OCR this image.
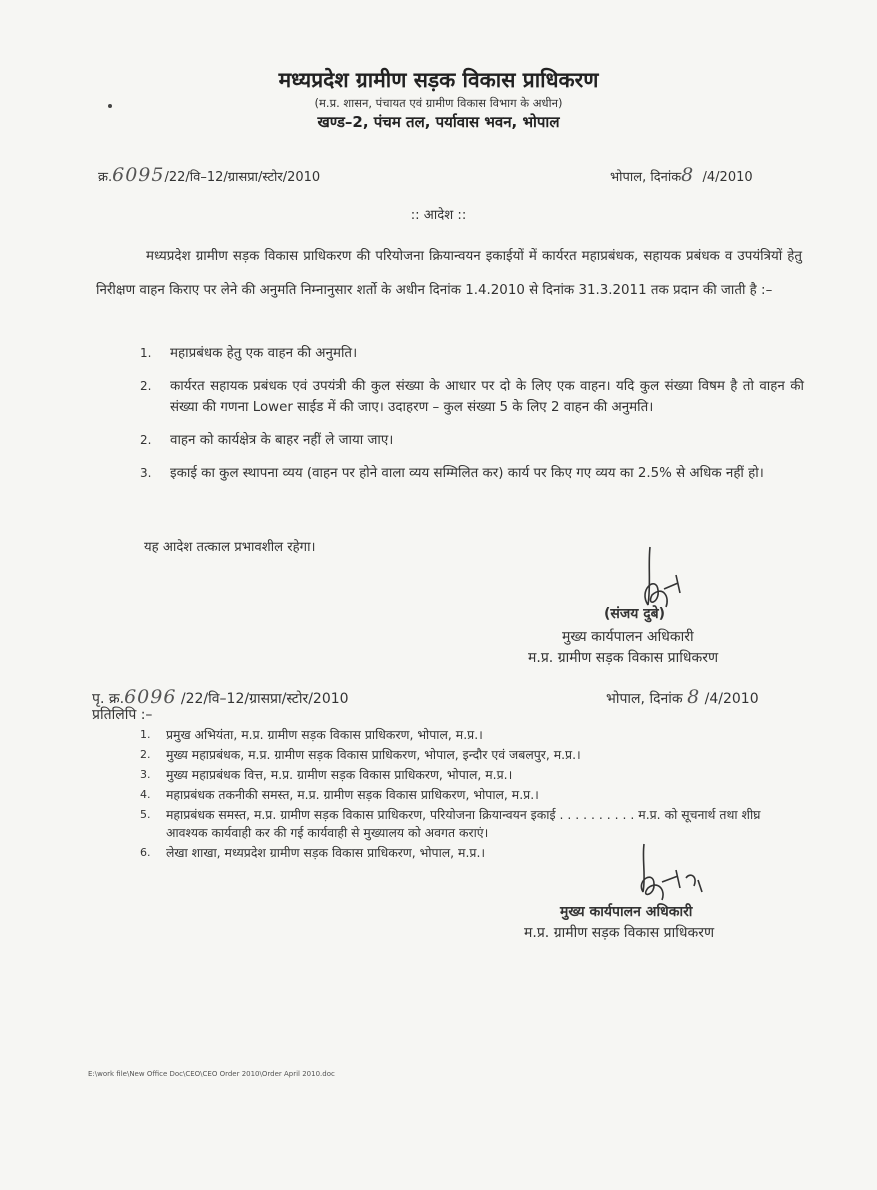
मध्यप्रदेश ग्रामीण सड़क विकास प्राधिकरण
(म.प्र. शासन, पंचायत एवं ग्रामीण विकास विभाग के अधीन)
खण्ड–2, पंचम तल, पर्यावास भवन, भोपाल
क्र.6095/22/वि–12/ग्रासप्रा/स्टोर/2010	भोपाल, दिनांक8 /4/2010
:: आदेश ::
मध्यप्रदेश ग्रामीण सड़क विकास प्राधिकरण की परियोजना क्रियान्वयन इकाईयों में कार्यरत महाप्रबंधक, सहायक प्रबंधक व उपयंत्रियों हेतु निरीक्षण वाहन किराए पर लेने की अनुमति निम्नानुसार शर्तो के अधीन दिनांक 1.4.2010 से दिनांक 31.3.2011 तक प्रदान की जाती है :–
1.	महाप्रबंधक हेतु एक वाहन की अनुमति।
2.	कार्यरत सहायक प्रबंधक एवं उपयंत्री की कुल संख्या के आधार पर दो के लिए एक वाहन। यदि कुल संख्या विषम है तो वाहन की संख्या की गणना Lower साईड में की जाए। उदाहरण – कुल संख्या 5 के लिए 2 वाहन की अनुमति।
2.	वाहन को कार्यक्षेत्र के बाहर नहीं ले जाया जाए।
3.	इकाई का कुल स्थापना व्यय (वाहन पर होने वाला व्यय सम्मिलित कर) कार्य पर किए गए व्यय का 2.5% से अधिक नहीं हो।
यह आदेश तत्काल प्रभावशील रहेगा।
(संजय दुबे)
मुख्य कार्यपालन अधिकारी
म.प्र. ग्रामीण सड़क विकास प्राधिकरण
पृ. क्र.6096 /22/वि–12/ग्रासप्रा/स्टोर/2010	भोपाल, दिनांक 8 /4/2010
प्रतिलिपि :–
1.	प्रमुख अभियंता, म.प्र. ग्रामीण सड़क विकास प्राधिकरण, भोपाल, म.प्र.।
2.	मुख्य महाप्रबंधक, म.प्र. ग्रामीण सड़क विकास प्राधिकरण, भोपाल, इन्दौर एवं जबलपुर, म.प्र.।
3.	मुख्य महाप्रबंधक वित्त, म.प्र. ग्रामीण सड़क विकास प्राधिकरण, भोपाल, म.प्र.।
4.	महाप्रबंधक तकनीकी समस्त, म.प्र. ग्रामीण सड़क विकास प्राधिकरण, भोपाल, म.प्र.।
5.	महाप्रबंधक समस्त, म.प्र. ग्रामीण सड़क विकास प्राधिकरण, परियोजना क्रियान्वयन इकाई . . . . . . . . . . म.प्र. को सूचनार्थ तथा शीघ्र आवश्यक कार्यवाही कर की गई कार्यवाही से मुख्यालय को अवगत कराएं।
6.	लेखा शाखा, मध्यप्रदेश ग्रामीण सड़क विकास प्राधिकरण, भोपाल, म.प्र.।
मुख्य कार्यपालन अधिकारी
म.प्र. ग्रामीण सड़क विकास प्राधिकरण
E:\work file\New Office Doc\CEO\CEO Order 2010\Order April 2010.doc
